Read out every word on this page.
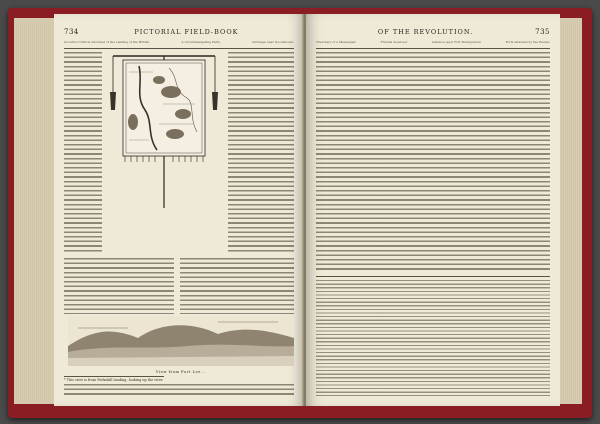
734	PICTORIAL FIELD-BOOK
Governor Clinton informed of the Landing of the British.	A circumnavigating Party.	Outrages near Doodletown.
View from Fort Lee...
* This view is from Peekskill landing, looking up the river.
OF THE REVOLUTION.	735
Treachery of a Messenger.	Friends deceived.	Advance upon Fort Montgomery.	Forts attacked by the Enemy.
